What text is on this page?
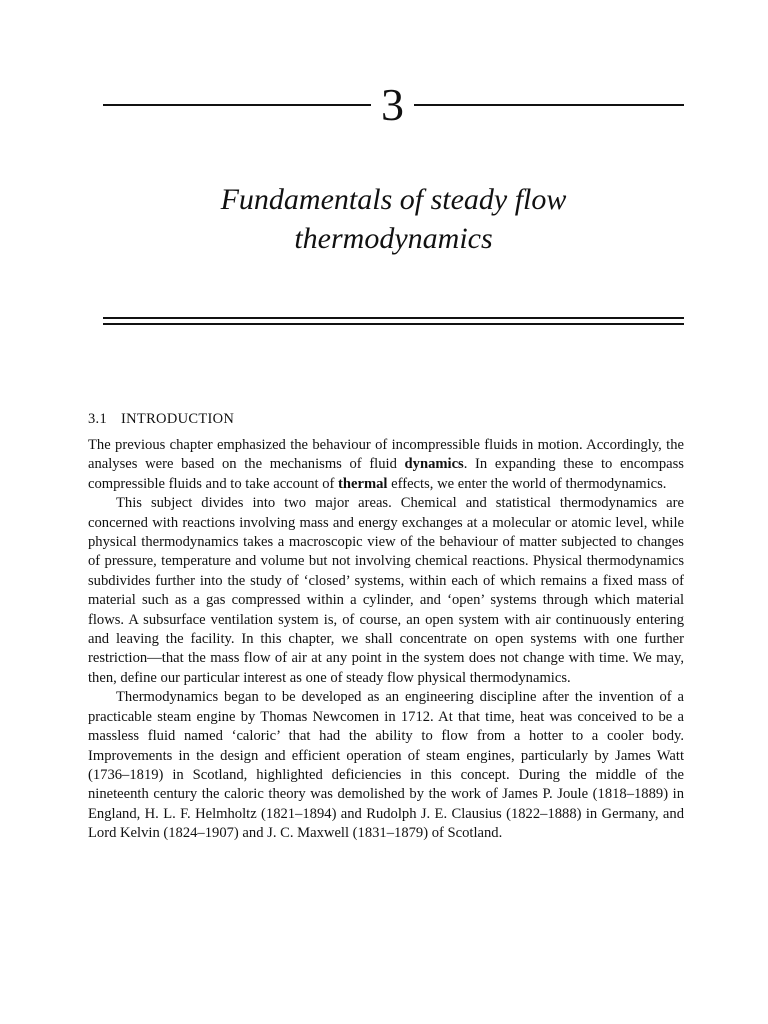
3
Fundamentals of steady flow
thermodynamics
3.1 INTRODUCTION

The previous chapter emphasized the behaviour of incompressible fluids in motion. Accordingly, the analyses were based on the mechanisms of fluid dynamics. In expanding these to encompass compressible fluids and to take account of thermal effects, we enter the world of thermodynamics.

This subject divides into two major areas. Chemical and statistical thermodynamics are concerned with reactions involving mass and energy exchanges at a molecular or atomic level, while physical thermodynamics takes a macroscopic view of the behaviour of matter subjected to changes of pressure, temperature and volume but not involving chemical reactions. Physical thermodynamics subdivides further into the study of ‘closed’ systems, within each of which remains a fixed mass of material such as a gas compressed within a cylinder, and ‘open’ systems through which material flows. A subsurface ventilation system is, of course, an open system with air continuously entering and leaving the facility. In this chapter, we shall concentrate on open systems with one further restriction—that the mass flow of air at any point in the system does not change with time. We may, then, define our particular interest as one of steady flow physical thermodynamics.

Thermodynamics began to be developed as an engineering discipline after the invention of a practicable steam engine by Thomas Newcomen in 1712. At that time, heat was conceived to be a massless fluid named ‘caloric’ that had the ability to flow from a hotter to a cooler body. Improvements in the design and efficient operation of steam engines, particularly by James Watt (1736–1819) in Scotland, highlighted deficiencies in this concept. During the middle of the nineteenth century the caloric theory was demolished by the work of James P. Joule (1818–1889) in England, H. L. F. Helmholtz (1821–1894) and Rudolph J. E. Clausius (1822–1888) in Germany, and Lord Kelvin (1824–1907) and J. C. Maxwell (1831–1879) of Scotland.
